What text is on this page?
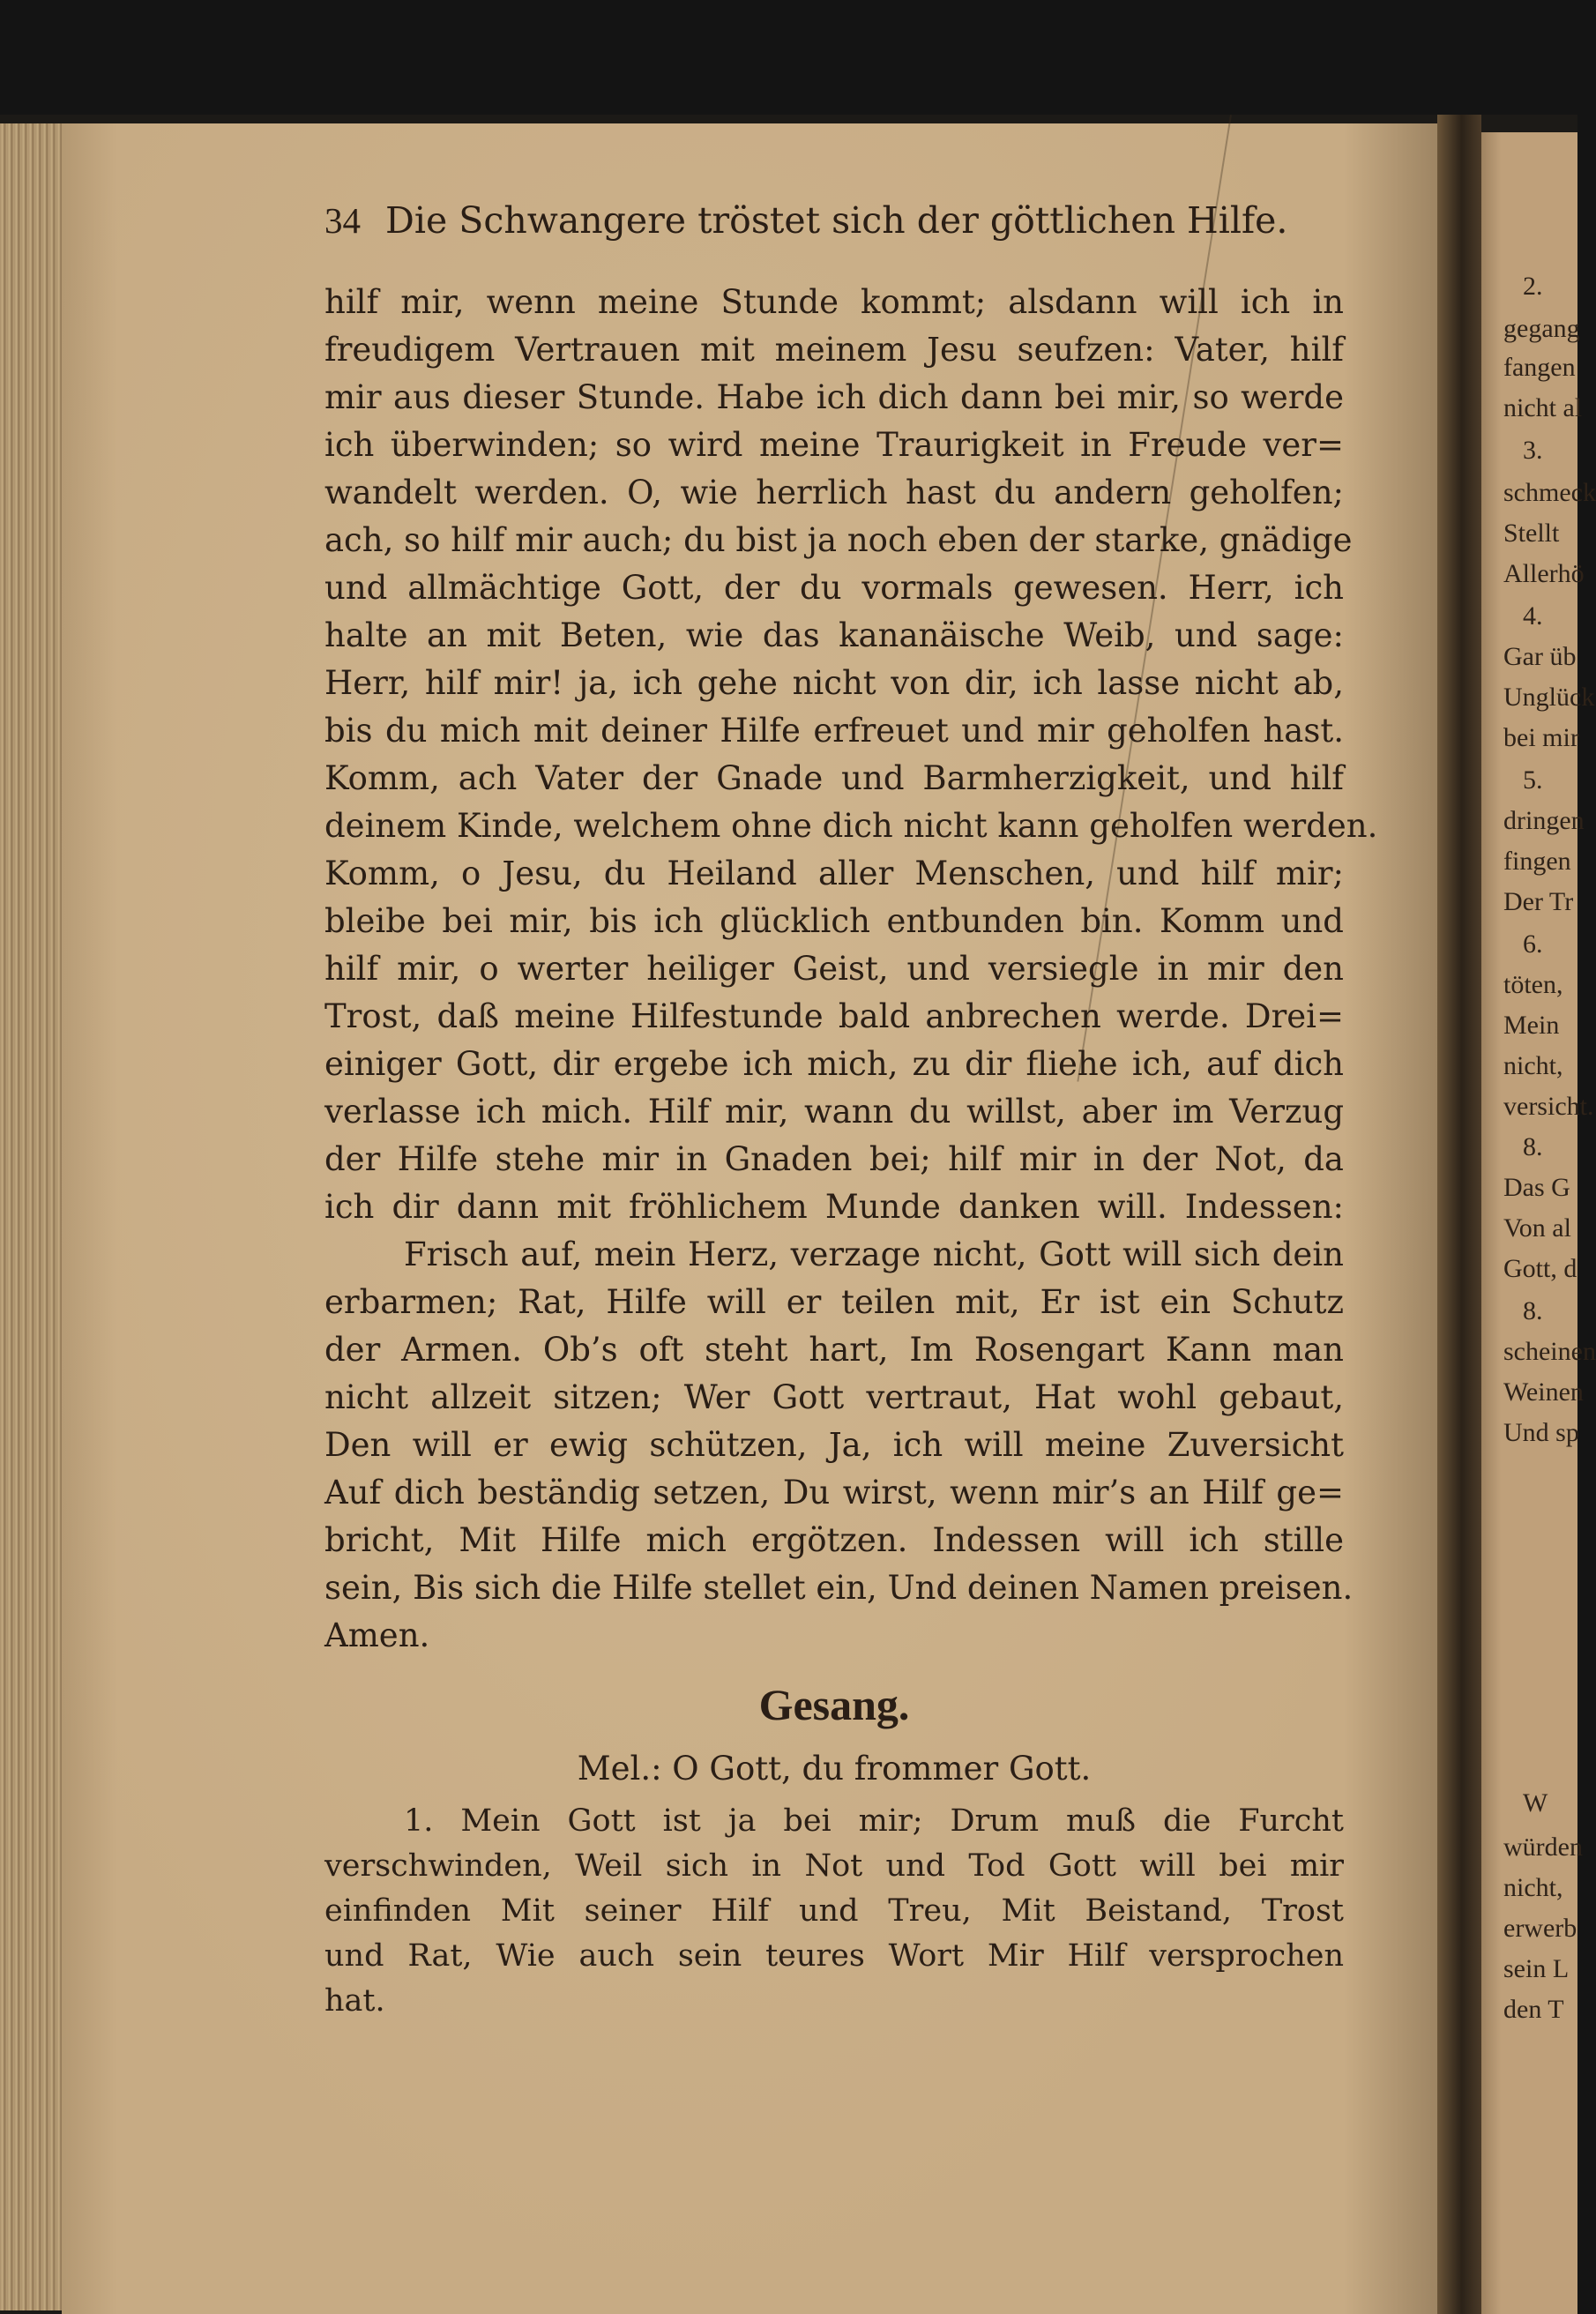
2.
gegang
fangen
nicht al
3.
schmeck
Stellt
Allerhö
4.
Gar üb
Unglück
bei mir
5.
dringen
fingen
Der Tr
6.
töten,
Mein
nicht,
versicht.
8.
Das G
Von al
Gott, d
8.
scheinen
Weinen
Und sp
W
würden
nicht,
erwerb
sein L
den T
34 Die Schwangere tröstet sich der göttlichen Hilfe.
hilf mir, wenn meine Stunde kommt; alsdann will ich in
freudigem Vertrauen mit meinem Jesu seufzen: Vater, hilf
mir aus dieser Stunde. Habe ich dich dann bei mir, so werde
ich überwinden; so wird meine Traurigkeit in Freude ver=
wandelt werden. O, wie herrlich hast du andern geholfen;
ach, so hilf mir auch; du bist ja noch eben der starke, gnädige
und allmächtige Gott, der du vormals gewesen. Herr, ich
halte an mit Beten, wie das kananäische Weib, und sage:
Herr, hilf mir! ja, ich gehe nicht von dir, ich lasse nicht ab,
bis du mich mit deiner Hilfe erfreuet und mir geholfen hast.
Komm, ach Vater der Gnade und Barmherzigkeit, und hilf
deinem Kinde, welchem ohne dich nicht kann geholfen werden.
Komm, o Jesu, du Heiland aller Menschen, und hilf mir;
bleibe bei mir, bis ich glücklich entbunden bin. Komm und
hilf mir, o werter heiliger Geist, und versiegle in mir den
Trost, daß meine Hilfestunde bald anbrechen werde. Drei=
einiger Gott, dir ergebe ich mich, zu dir fliehe ich, auf dich
verlasse ich mich. Hilf mir, wann du willst, aber im Verzug
der Hilfe stehe mir in Gnaden bei; hilf mir in der Not, da
ich dir dann mit fröhlichem Munde danken will. Indessen:
Frisch auf, mein Herz, verzage nicht, Gott will sich dein
erbarmen; Rat, Hilfe will er teilen mit, Er ist ein Schutz
der Armen. Ob’s oft steht hart, Im Rosengart Kann man
nicht allzeit sitzen; Wer Gott vertraut, Hat wohl gebaut,
Den will er ewig schützen, Ja, ich will meine Zuversicht
Auf dich beständig setzen, Du wirst, wenn mir’s an Hilf ge=
bricht, Mit Hilfe mich ergötzen. Indessen will ich stille
sein, Bis sich die Hilfe stellet ein, Und deinen Namen preisen.
Amen.
Gesang.
Mel.: O Gott, du frommer Gott.
1. Mein Gott ist ja bei mir; Drum muß die Furcht
verschwinden, Weil sich in Not und Tod Gott will bei mir
einfinden Mit seiner Hilf und Treu, Mit Beistand, Trost
und Rat, Wie auch sein teures Wort Mir Hilf versprochen
hat.
